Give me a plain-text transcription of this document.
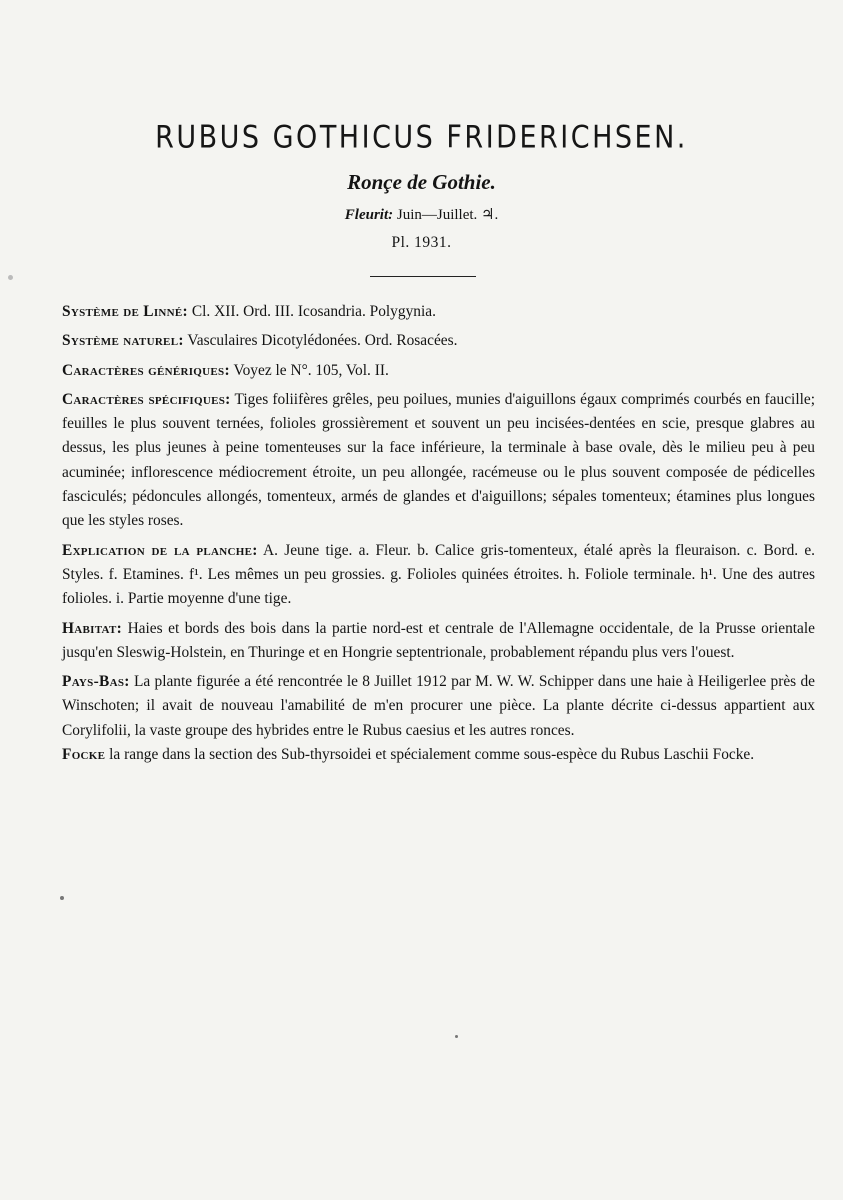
RUBUS GOTHICUS FRIDERICHSEN.
Ronçe de Gothie.
Fleurit: Juin—Juillet. ♃.
Pl. 1931.

Système de Linné: Cl. XII. Ord. III. Icosandria. Polygynia.

Système naturel: Vasculaires Dicotylédonées. Ord. Rosacées.

Caractères génériques: Voyez le N°. 105, Vol. II.

Caractères spécifiques: Tiges foliifères grêles, peu poilues, munies d'aiguillons égaux comprimés courbés en faucille; feuilles le plus souvent ternées, folioles grossièrement et souvent un peu incisées-dentées en scie, presque glabres au dessus, les plus jeunes à peine tomenteuses sur la face inférieure, la terminale à base ovale, dès le milieu peu à peu acuminée; inflorescence médiocrement étroite, un peu allongée, racémeuse ou le plus souvent composée de pédicelles fasciculés; pédoncules allongés, tomenteux, armés de glandes et d'aiguillons; sépales tomenteux; étamines plus longues que les styles roses.

Explication de la planche: A. Jeune tige. a. Fleur. b. Calice gris-tomenteux, étalé après la fleuraison. c. Bord. e. Styles. f. Etamines. f¹. Les mêmes un peu grossies. g. Folioles quinées étroites. h. Foliole terminale. h¹. Une des autres folioles. i. Partie moyenne d'une tige.

Habitat: Haies et bords des bois dans la partie nord-est et centrale de l'Allemagne occidentale, de la Prusse orientale jusqu'en Sleswig-Holstein, en Thuringe et en Hongrie septentrionale, probablement répandu plus vers l'ouest.

Pays-Bas: La plante figurée a été rencontrée le 8 Juillet 1912 par M. W. W. Schipper dans une haie à Heiligerlee près de Winschoten; il avait de nouveau l'amabilité de m'en procurer une pièce. La plante décrite ci-dessus appartient aux Corylifolii, la vaste groupe des hybrides entre le Rubus caesius et les autres ronces.

Focke la range dans la section des Sub-thyrsoidei et spécialement comme sous-espèce du Rubus Laschii Focke.
